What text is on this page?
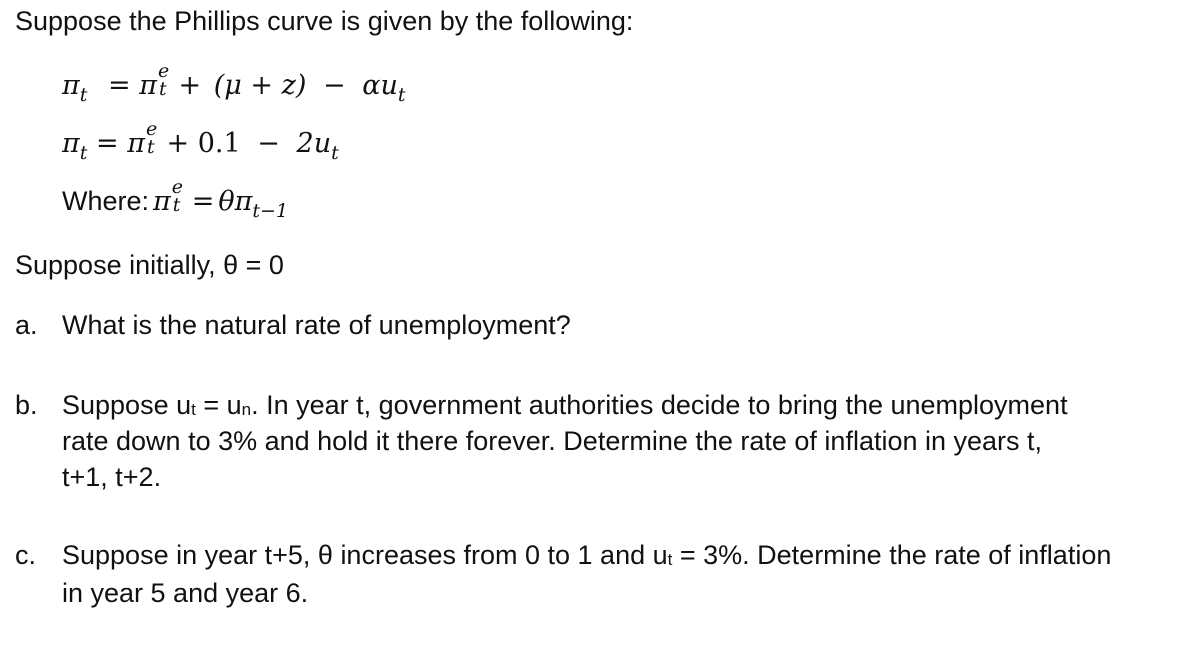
Suppose the Phillips curve is given by the following:
$\pi_t = \pi$ e
$t + (\mu + z) - \alpha u_t$
$\pi_t = \pi$ e
$t + 0.1 - 2u_t$
Where: π e
t = θπt−1
Suppose initially, θ = 0
a. What is the natural rate of unemployment?
b. Suppose ut = un. In year t, government authorities decide to bring the unemployment
rate down to 3% and hold it there forever. Determine the rate of inflation in years t,
t+1, t+2.
c. Suppose in year t+5, θ increases from 0 to 1 and ut = 3%. Determine the rate of inflation
in year 5 and year 6.
